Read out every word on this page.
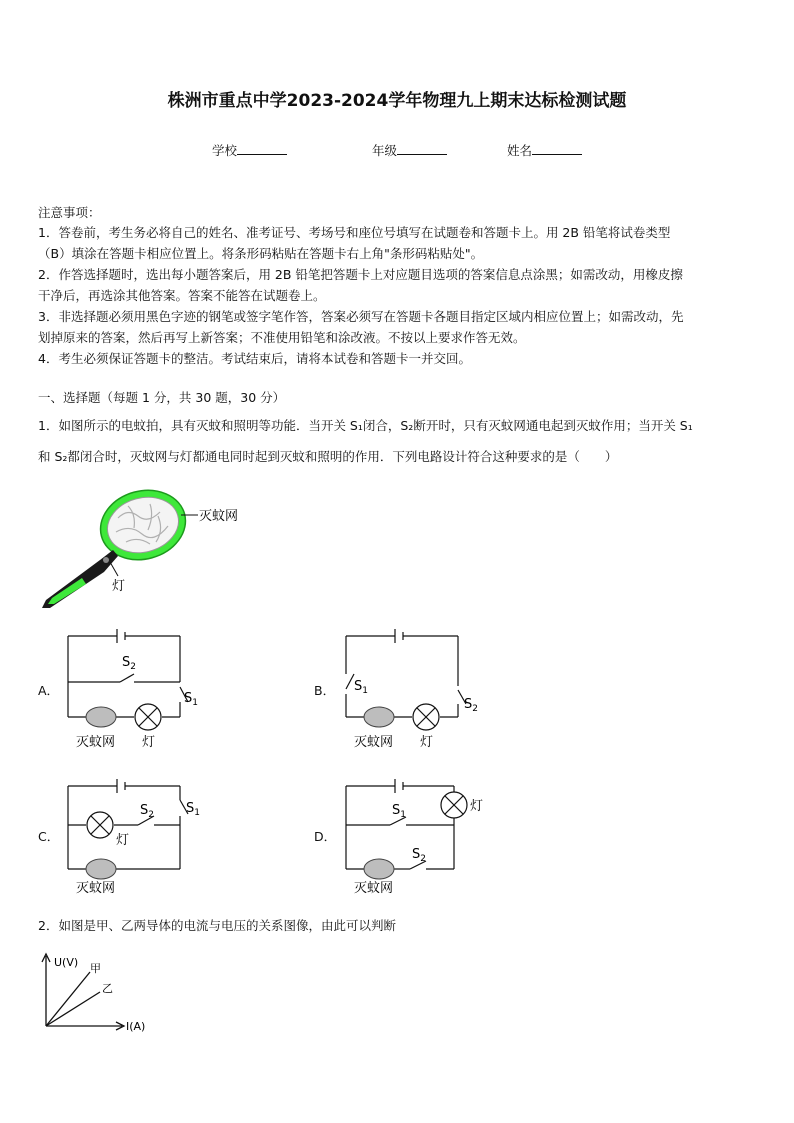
株洲市重点中学2023-2024学年物理九上期末达标检测试题
学校	年级	姓名
注意事项：
1．答卷前，考生务必将自己的姓名、准考证号、考场号和座位号填写在试题卷和答题卡上。用 2B 铅笔将试卷类型
（B）填涂在答题卡相应位置上。将条形码粘贴在答题卡右上角"条形码粘贴处"。
2．作答选择题时，选出每小题答案后，用 2B 铅笔把答题卡上对应题目选项的答案信息点涂黑；如需改动，用橡皮擦
干净后，再选涂其他答案。答案不能答在试题卷上。
3．非选择题必须用黑色字迹的钢笔或签字笔作答，答案必须写在答题卡各题目指定区域内相应位置上；如需改动，先
划掉原来的答案，然后再写上新答案；不准使用铅笔和涂改液。不按以上要求作答无效。
4．考生必须保证答题卡的整洁。考试结束后，请将本试卷和答题卡一并交回。
一、选择题（每题 1 分，共 30 题，30 分）
1．如图所示的电蚊拍，具有灭蚊和照明等功能．当开关 S₁闭合，S₂断开时，只有灭蚊网通电起到灭蚊作用；当开关 S₁
和 S₂都闭合时，灭蚊网与灯都通电同时起到灭蚊和照明的作用．下列电路设计符合这种要求的是（　　）
灭蚊网
灯
A．
$S_2$
$S_1$
灭蚊网 灯
B． $S_1$
$S_2$
灭蚊网 灯
C．
$S_2$ $S_1$
灯
灭蚊网
D．
$S_1$
$S_2$
灯
灭蚊网
2．如图是甲、乙两导体的电流与电压的关系图像，由此可以判断
U(V)
I(A)
甲
乙
